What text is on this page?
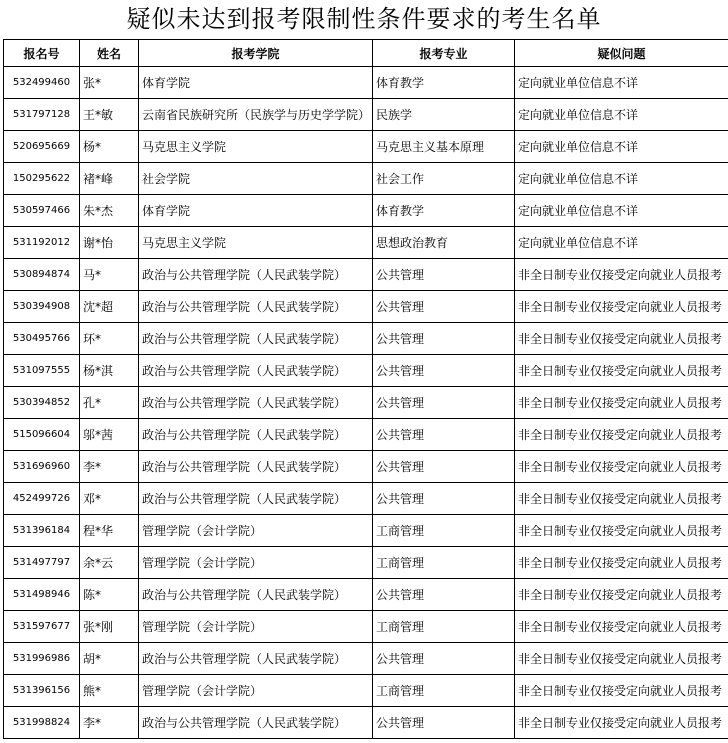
疑似未达到报考限制性条件要求的考生名单
报名号	姓名	报考学院	报考专业	疑似问题
532499460	张*	体育学院	体育教学	定向就业单位信息不详
531797128	王*敏	云南省民族研究所（民族学与历史学学院）	民族学	定向就业单位信息不详
520695669	杨*	马克思主义学院	马克思主义基本原理	定向就业单位信息不详
150295622	褚*峰	社会学院	社会工作	定向就业单位信息不详
530597466	朱*杰	体育学院	体育教学	定向就业单位信息不详
531192012	谢*怡	马克思主义学院	思想政治教育	定向就业单位信息不详
530894874	马*	政治与公共管理学院（人民武装学院）	公共管理	非全日制专业仅接受定向就业人员报考
530394908	沈*超	政治与公共管理学院（人民武装学院）	公共管理	非全日制专业仅接受定向就业人员报考
530495766	环*	政治与公共管理学院（人民武装学院）	公共管理	非全日制专业仅接受定向就业人员报考
531097555	杨*淇	政治与公共管理学院（人民武装学院）	公共管理	非全日制专业仅接受定向就业人员报考
530394852	孔*	政治与公共管理学院（人民武装学院）	公共管理	非全日制专业仅接受定向就业人员报考
515096604	邬*茜	政治与公共管理学院（人民武装学院）	公共管理	非全日制专业仅接受定向就业人员报考
531696960	李*	政治与公共管理学院（人民武装学院）	公共管理	非全日制专业仅接受定向就业人员报考
452499726	邓*	政治与公共管理学院（人民武装学院）	公共管理	非全日制专业仅接受定向就业人员报考
531396184	程*华	管理学院（会计学院）	工商管理	非全日制专业仅接受定向就业人员报考
531497797	余*云	管理学院（会计学院）	工商管理	非全日制专业仅接受定向就业人员报考
531498946	陈*	政治与公共管理学院（人民武装学院）	公共管理	非全日制专业仅接受定向就业人员报考
531597677	张*刚	管理学院（会计学院）	工商管理	非全日制专业仅接受定向就业人员报考
531996986	胡*	政治与公共管理学院（人民武装学院）	公共管理	非全日制专业仅接受定向就业人员报考
531396156	熊*	管理学院（会计学院）	工商管理	非全日制专业仅接受定向就业人员报考
531998824	李*	政治与公共管理学院（人民武装学院）	公共管理	非全日制专业仅接受定向就业人员报考
